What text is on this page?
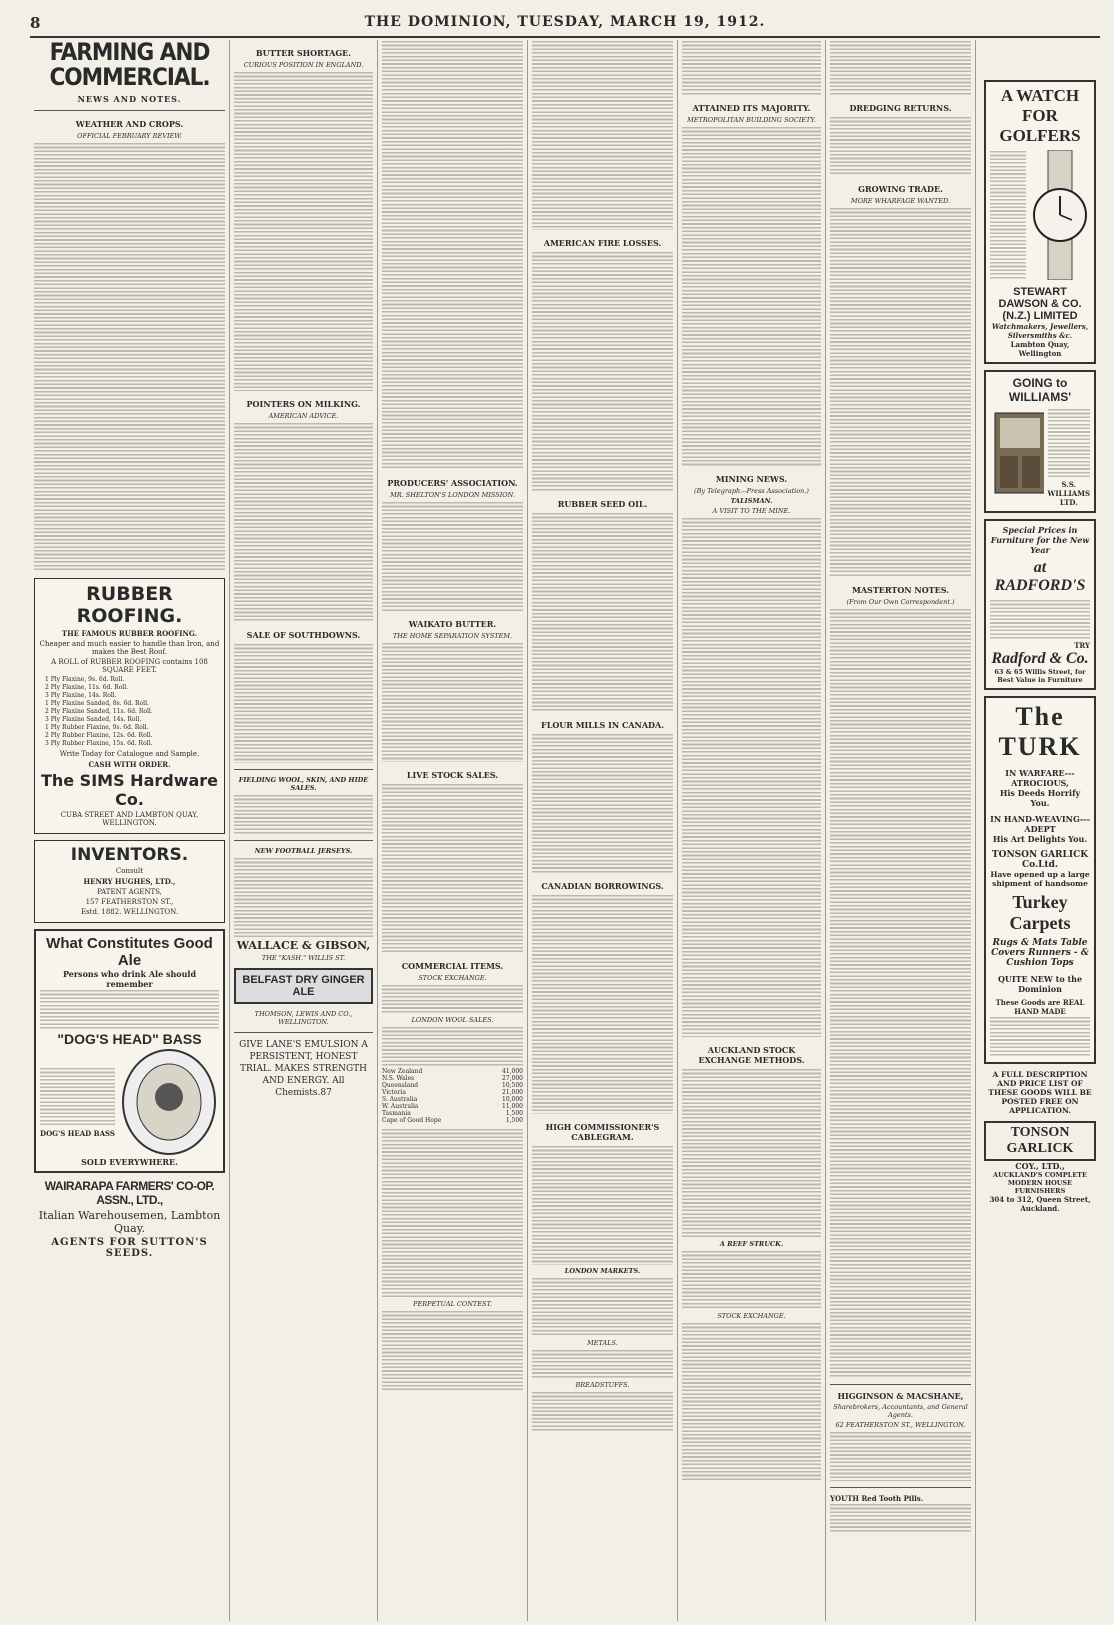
8	THE DOMINION, TUESDAY, MARCH 19, 1912.
FARMING AND COMMERCIAL.
NEWS AND NOTES.
WEATHER AND CROPS.
OFFICIAL FEBRUARY REVIEW.
RUBBER ROOFING.
THE FAMOUS RUBBER ROOFING.
Cheaper and much easier to handle than Iron, and makes the Best Roof.
A ROLL of RUBBER ROOFING contains 108 SQUARE FEET.
1 Ply Flaxine, 9s. 6d. Roll.
2 Ply Flaxine, 11s. 6d. Roll.
3 Ply Flaxine, 14s. Roll.
1 Ply Flaxine Sanded, 8s. 6d. Roll.
2 Ply Flaxine Sanded, 11s. 6d. Roll.
3 Ply Flaxine Sanded, 14s. Roll.
1 Ply Rubber Flaxine, 9s. 6d. Roll.
2 Ply Rubber Flaxine, 12s. 6d. Roll.
3 Ply Rubber Flaxine, 15s. 6d. Roll.
Write Today for Catalogue and Sample.
CASH WITH ORDER.
The SIMS Hardware Co.
CUBA STREET AND LAMBTON QUAY, WELLINGTON.
INVENTORS.
Consult
HENRY HUGHES, LTD.,
PATENT AGENTS,
157 FEATHERSTON ST.,
Estd. 1882. WELLINGTON.
What Constitutes Good Ale
Persons who drink Ale should remember
"DOG'S HEAD" BASS
DOG'S HEAD BASS
SOLD EVERYWHERE.
WAIRARAPA FARMERS' CO-OP. ASSN., LTD.,
Italian Warehousemen, Lambton Quay.
AGENTS FOR SUTTON'S SEEDS.
BUTTER SHORTAGE.
CURIOUS POSITION IN ENGLAND.
POINTERS ON MILKING.
AMERICAN ADVICE.
SALE OF SOUTHDOWNS.
FIELDING WOOL, SKIN, AND HIDE SALES.
NEW FOOTBALL JERSEYS.
WALLACE & GIBSON,
THE "KASH." WILLIS ST.
BELFAST DRY GINGER ALE
THOMSON, LEWIS AND CO., WELLINGTON.
GIVE LANE'S EMULSION A PERSISTENT, HONEST TRIAL. MAKES STRENGTH AND ENERGY. All Chemists.87
PRODUCERS' ASSOCIATION.
MR. SHELTON'S LONDON MISSION.
WAIKATO BUTTER.
THE HOME SEPARATION SYSTEM.
LIVE STOCK SALES.
COMMERCIAL ITEMS.
STOCK EXCHANGE.
LONDON WOOL SALES.
New Zealand	41,000
N.S. Wales	27,000
Queensland	10,500
Victoria	21,000
S. Australia	10,000
W. Australia	11,000
Tasmania	1,500
Cape of Good Hope	1,500
PERPETUAL CONTEST.
AMERICAN FIRE LOSSES.
RUBBER SEED OIL.
FLOUR MILLS IN CANADA.
CANADIAN BORROWINGS.
HIGH COMMISSIONER'S CABLEGRAM.
LONDON MARKETS.
METALS.
BREADSTUFFS.
ATTAINED ITS MAJORITY.
METROPOLITAN BUILDING SOCIETY.
MINING NEWS.
(By Telegraph.--Press Association.)
TALISMAN.
A VISIT TO THE MINE.
AUCKLAND STOCK EXCHANGE METHODS.
A REEF STRUCK.
STOCK EXCHANGE.
DREDGING RETURNS.
GROWING TRADE.
MORE WHARFAGE WANTED.
MASTERTON NOTES.
(From Our Own Correspondent.)
HIGGINSON & MACSHANE,
Sharebrokers, Accountants, and General Agents.
62 FEATHERSTON ST., WELLINGTON.
YOUTH Red Tooth Pills.
A WATCH FOR GOLFERS
STEWART DAWSON & CO. (N.Z.) LIMITED
Watchmakers, Jewellers, Silversmiths &c.
Lambton Quay, Wellington
GOING to WILLIAMS'
S.S. WILLIAMS LTD.
Special Prices in Furniture for the New Year
at RADFORD'S
TRY
Radford & Co.
63 & 65 Willis Street, for Best Value in Furniture
The TURK
IN WARFARE---ATROCIOUS,
His Deeds Horrify You.
IN HAND-WEAVING---ADEPT
His Art Delights You.
TONSON GARLICK Co.Ltd.
Have opened up a large shipment of handsome
Turkey Carpets
Rugs & Mats Table Covers Runners - & Cushion Tops
QUITE NEW to the Dominion
These Goods are REAL HAND MADE
A FULL DESCRIPTION AND PRICE LIST OF THESE GOODS WILL BE POSTED FREE ON APPLICATION.
TONSON GARLICK
COY., LTD.,
AUCKLAND'S COMPLETE MODERN HOUSE FURNISHERS
304 to 312, Queen Street, Auckland.
